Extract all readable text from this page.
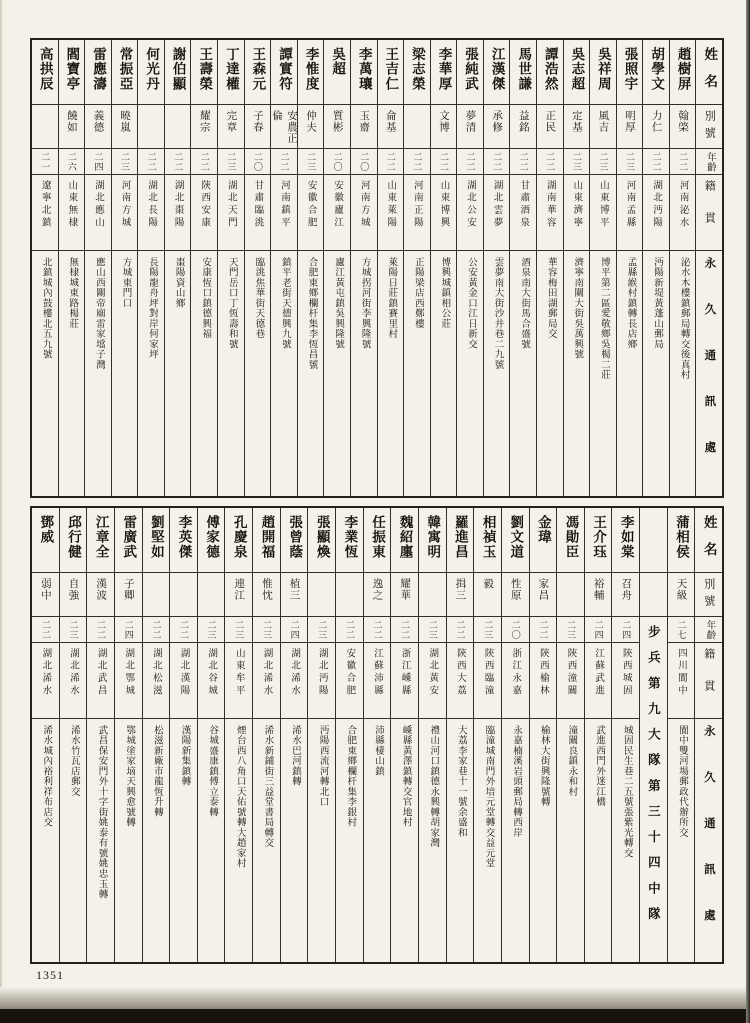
高拱辰
二一
遼寧北鎮
北鎮城內鼓樓北五九號
閻寶亭
饒如
二六
山東無棣
無棣城東路楊莊
雷應濤
義德
二四
湖北應山
應山西關帝廟雷家壋子灣
常振亞
曉嵐
二三
河南方城
方城東門口
何光丹
二二
湖北長陽
長陽龍舟坪對岸何家坪
謝伯顯
二二
湖北棗陽
棗陽資山鄉
王壽榮
耀宗
二二
陝西安康
安康恆口鎮德興福
丁達權
完章
二三
湖北天門
天門岳口丁恆壽和號
王森元
子春
二〇
甘肅臨洮
臨洮焦華街天德巷
譚實符
安農正倫
二二
河南鎮平
鎮平老街天德興九號
李惟度
仲夫
二三
安徽合肥
合肥東鄉欄杆集李恆昌號
吳超
質彬
二〇
安徽廬江
廬江黃屯鎮吳興隆號
李萬瓖
玉齋
二〇
河南方城
方城拐河街李興隆號
王吉仁
侖基
二二
山東萊陽
萊陽日莊鎮賽里村
梁志榮
二二
河南正陽
正陽梁店西鄭樓
李華厚
文博
二二
山東博興
博興城鎮相公莊
張純武
夢清
二二
湖北公安
公安黃金口江日新交
江漢傑
承修
二二
湖北雲夢
雲夢南大街沙井巷二九號
馬世謙
益銘
二二
甘肅酒泉
酒泉南大街馬合盛號
譚浩然
正民
二二
湖南華容
華容梅田湖郵局交
吳志超
定基
二三
山東濟寧
濟寧南關大街吳萬興號
吳祥周
風吉
二三
山東博平
博平第二區愛敬鄉吳楊二莊
張照宇
明厚
二三
河南孟縣
孟縣緱村鎮轉長店鄉
胡學文
力仁
二二
湖北沔陽
沔陽新堤黃蓬山郵局
趙樹屏
翰棨
二二
河南泌水
泌水木樓鎮郵局轉交後真村
姓名
別號
年齡
籍貫
永久通訊處
鄧威
弱中
二二
湖北浠水
浠水城內裕利祥布店交
邱行健
自強
二三
湖北浠水
浠水竹瓦店郵交
江章全
漢波
二二
湖北武昌
武昌保安門外十字街姚泰有號姚忠玉轉
雷廣武
子卿
二四
湖北鄂城
鄂城塗家垴天興愈號轉
劉堅如
二二
湖北松滋
松滋新廠市龍恆升轉
李英傑
二二
湖北漢陽
漢陽新集鎮轉
傅家德
二三
湖北谷城
谷城盛康鎮傅立泰轉
孔慶泉
連江
二三
山東牟平
煙台西八角口天佑號轉大趙家村
趙開福
惟忱
二三
湖北浠水
浠水新鋪街三益堂書局轉交
張曾蔭
植三
二四
湖北浠水
浠水巴河鎮轉
張顯煥
二三
湖北沔陽
沔陽西流河轉北口
李業恆
二二
安徽合肥
合肥東鄉欄杆集李銀村
任振東
逸之
二二
江蘇沛縣
沛縣棲山鎮
魏紹廛
耀華
二二
浙江嵊縣
嵊縣黃澤鎮轉交官地村
韓寓明
二三
湖北黃安
禮山河口鎮德永興轉胡家灣
羅進昌
揖三
二二
陝西大荔
大荔李家巷十一號余盛和
相禎玉
毅
二三
陝西臨潼
臨潼城南門外培元堂轉交益元堂
劉文道
性原
二〇
浙江永嘉
永嘉楠溪岩頭郵局轉西岸
金瑋
家昌
二二
陝西榆林
榆林大街興隆號轉
馮勛臣
二三
陝西潼關
潼關良鎮永和村
王介珏
裕輔
二四
江蘇武進
武進西門外迷江橋
李如棠
召舟
二四
陝西城固
城固民生巷二五號張紫光轉交 步兵第九大隊第三十四中隊
蒲相侯
天級
二七
四川閬中
閬中雙河場郵政代辦所交
姓名
別號
年齡
籍貫
永久通訊處
1351
